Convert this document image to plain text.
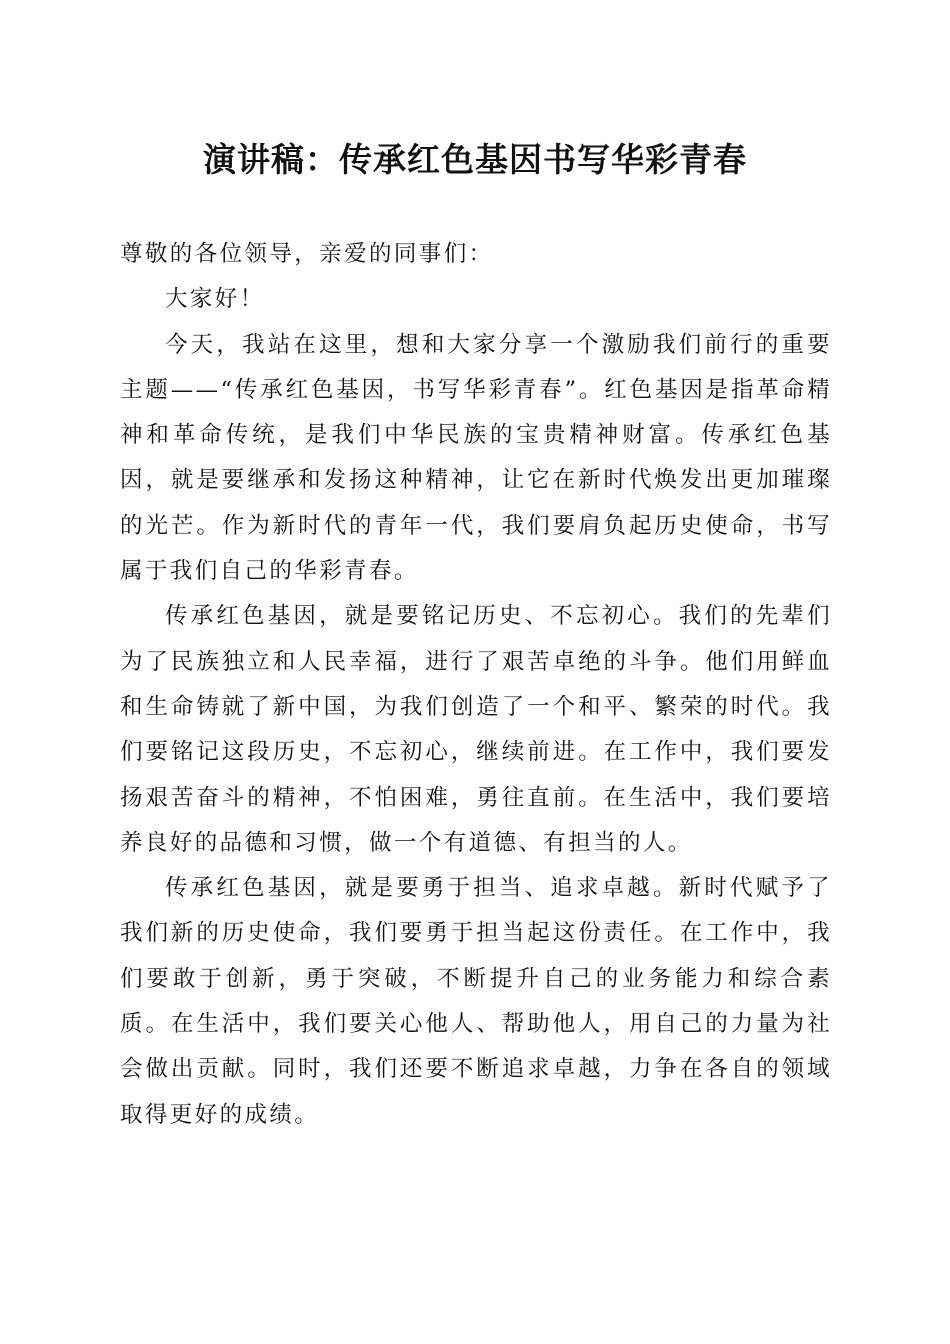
演讲稿：传承红色基因书写华彩青春

尊敬的各位领导，亲爱的同事们：

大家好！

今天，我站在这里，想和大家分享一个激励我们前行的重要主题——“传承红色基因，书写华彩青春”。红色基因是指革命精神和革命传统，是我们中华民族的宝贵精神财富。传承红色基因，就是要继承和发扬这种精神，让它在新时代焕发出更加璀璨的光芒。作为新时代的青年一代，我们要肩负起历史使命，书写属于我们自己的华彩青春。

传承红色基因，就是要铭记历史、不忘初心。我们的先辈们为了民族独立和人民幸福，进行了艰苦卓绝的斗争。他们用鲜血和生命铸就了新中国，为我们创造了一个和平、繁荣的时代。我们要铭记这段历史，不忘初心，继续前进。在工作中，我们要发扬艰苦奋斗的精神，不怕困难，勇往直前。在生活中，我们要培养良好的品德和习惯，做一个有道德、有担当的人。

传承红色基因，就是要勇于担当、追求卓越。新时代赋予了我们新的历史使命，我们要勇于担当起这份责任。在工作中，我们要敢于创新，勇于突破，不断提升自己的业务能力和综合素质。在生活中，我们要关心他人、帮助他人，用自己的力量为社会做出贡献。同时，我们还要不断追求卓越，力争在各自的领域取得更好的成绩。
